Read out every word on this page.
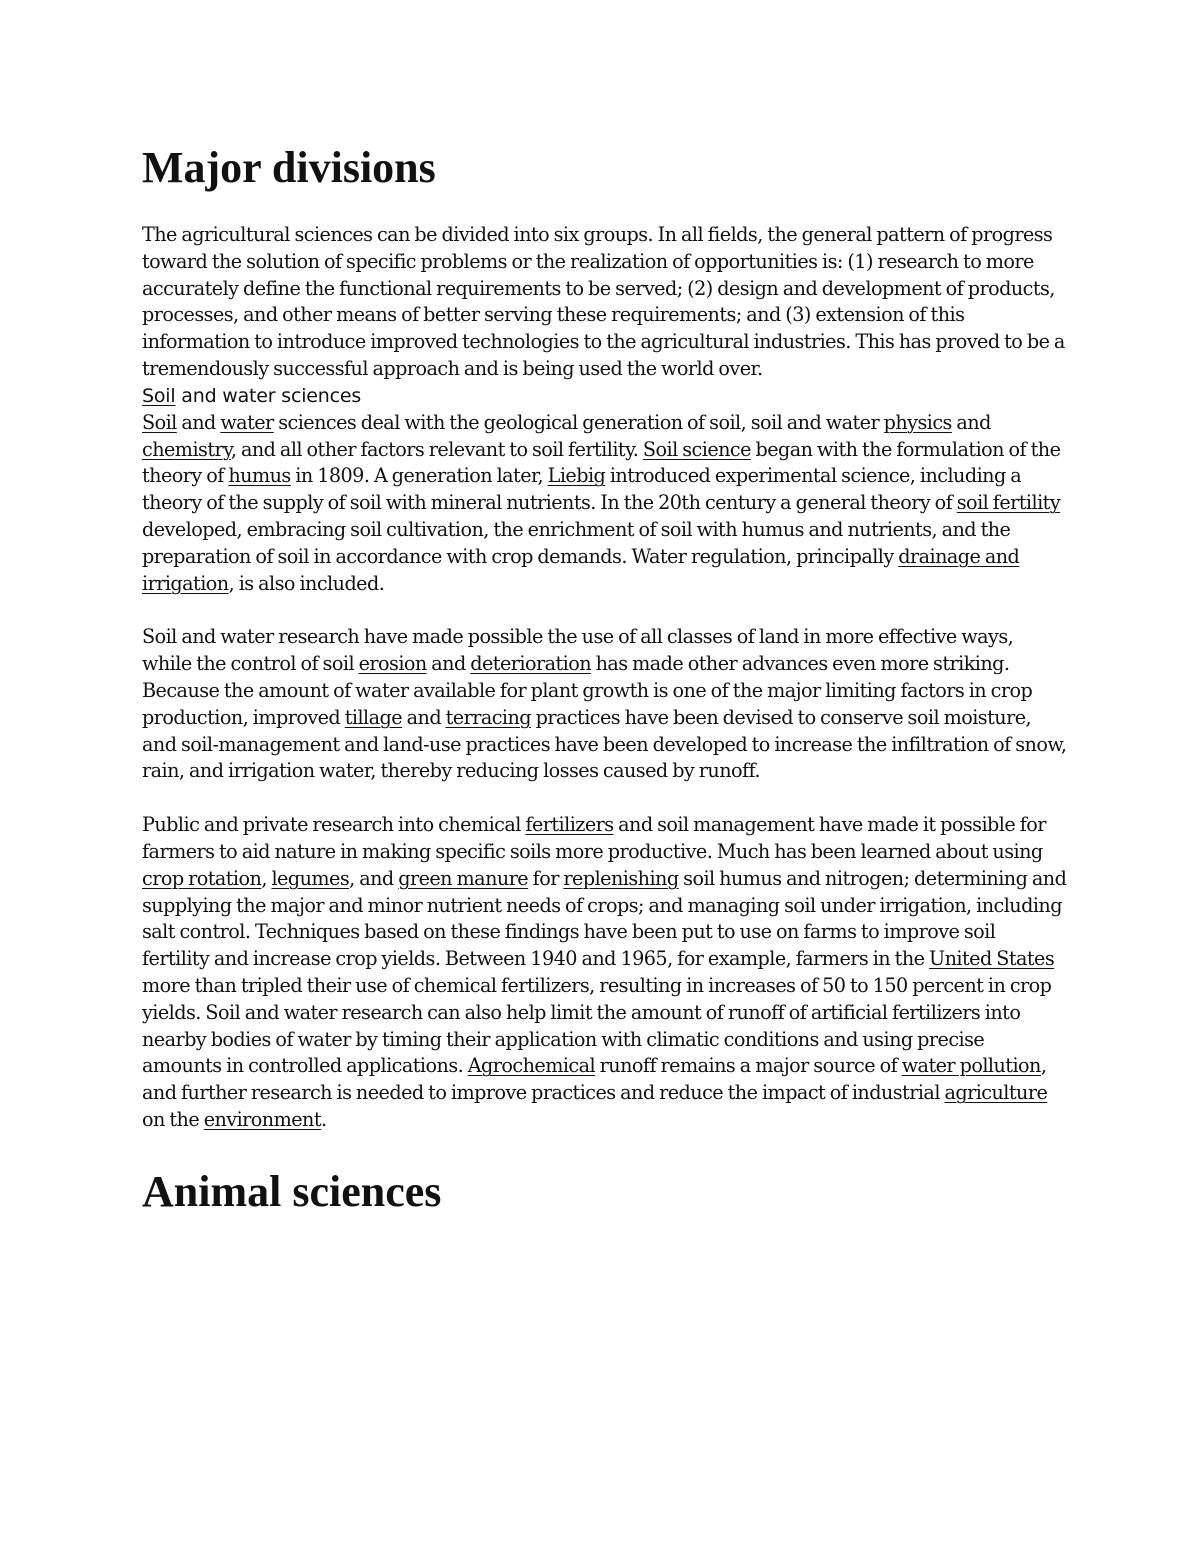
Major divisions

The agricultural sciences can be divided into six groups. In all fields, the general pattern of progress toward the solution of specific problems or the realization of opportunities is: (1) research to more accurately define the functional requirements to be served; (2) design and development of products, processes, and other means of better serving these requirements; and (3) extension of this information to introduce improved technologies to the agricultural industries. This has proved to be a tremendously successful approach and is being used the world over.

Soil and water sciences

Soil and water sciences deal with the geological generation of soil, soil and water physics and chemistry, and all other factors relevant to soil fertility. Soil science began with the formulation of the theory of humus in 1809. A generation later, Liebig introduced experimental science, including a theory of the supply of soil with mineral nutrients. In the 20th century a general theory of soil fertility developed, embracing soil cultivation, the enrichment of soil with humus and nutrients, and the preparation of soil in accordance with crop demands. Water regulation, principally drainage and irrigation, is also included.

Soil and water research have made possible the use of all classes of land in more effective ways, while the control of soil erosion and deterioration has made other advances even more striking. Because the amount of water available for plant growth is one of the major limiting factors in crop production, improved tillage and terracing practices have been devised to conserve soil moisture, and soil-management and land-use practices have been developed to increase the infiltration of snow, rain, and irrigation water, thereby reducing losses caused by runoff.

Public and private research into chemical fertilizers and soil management have made it possible for farmers to aid nature in making specific soils more productive. Much has been learned about using crop rotation, legumes, and green manure for replenishing soil humus and nitrogen; determining and supplying the major and minor nutrient needs of crops; and managing soil under irrigation, including salt control. Techniques based on these findings have been put to use on farms to improve soil fertility and increase crop yields. Between 1940 and 1965, for example, farmers in the United States more than tripled their use of chemical fertilizers, resulting in increases of 50 to 150 percent in crop yields. Soil and water research can also help limit the amount of runoff of artificial fertilizers into nearby bodies of water by timing their application with climatic conditions and using precise amounts in controlled applications. Agrochemical runoff remains a major source of water pollution, and further research is needed to improve practices and reduce the impact of industrial agriculture on the environment.

Animal sciences
